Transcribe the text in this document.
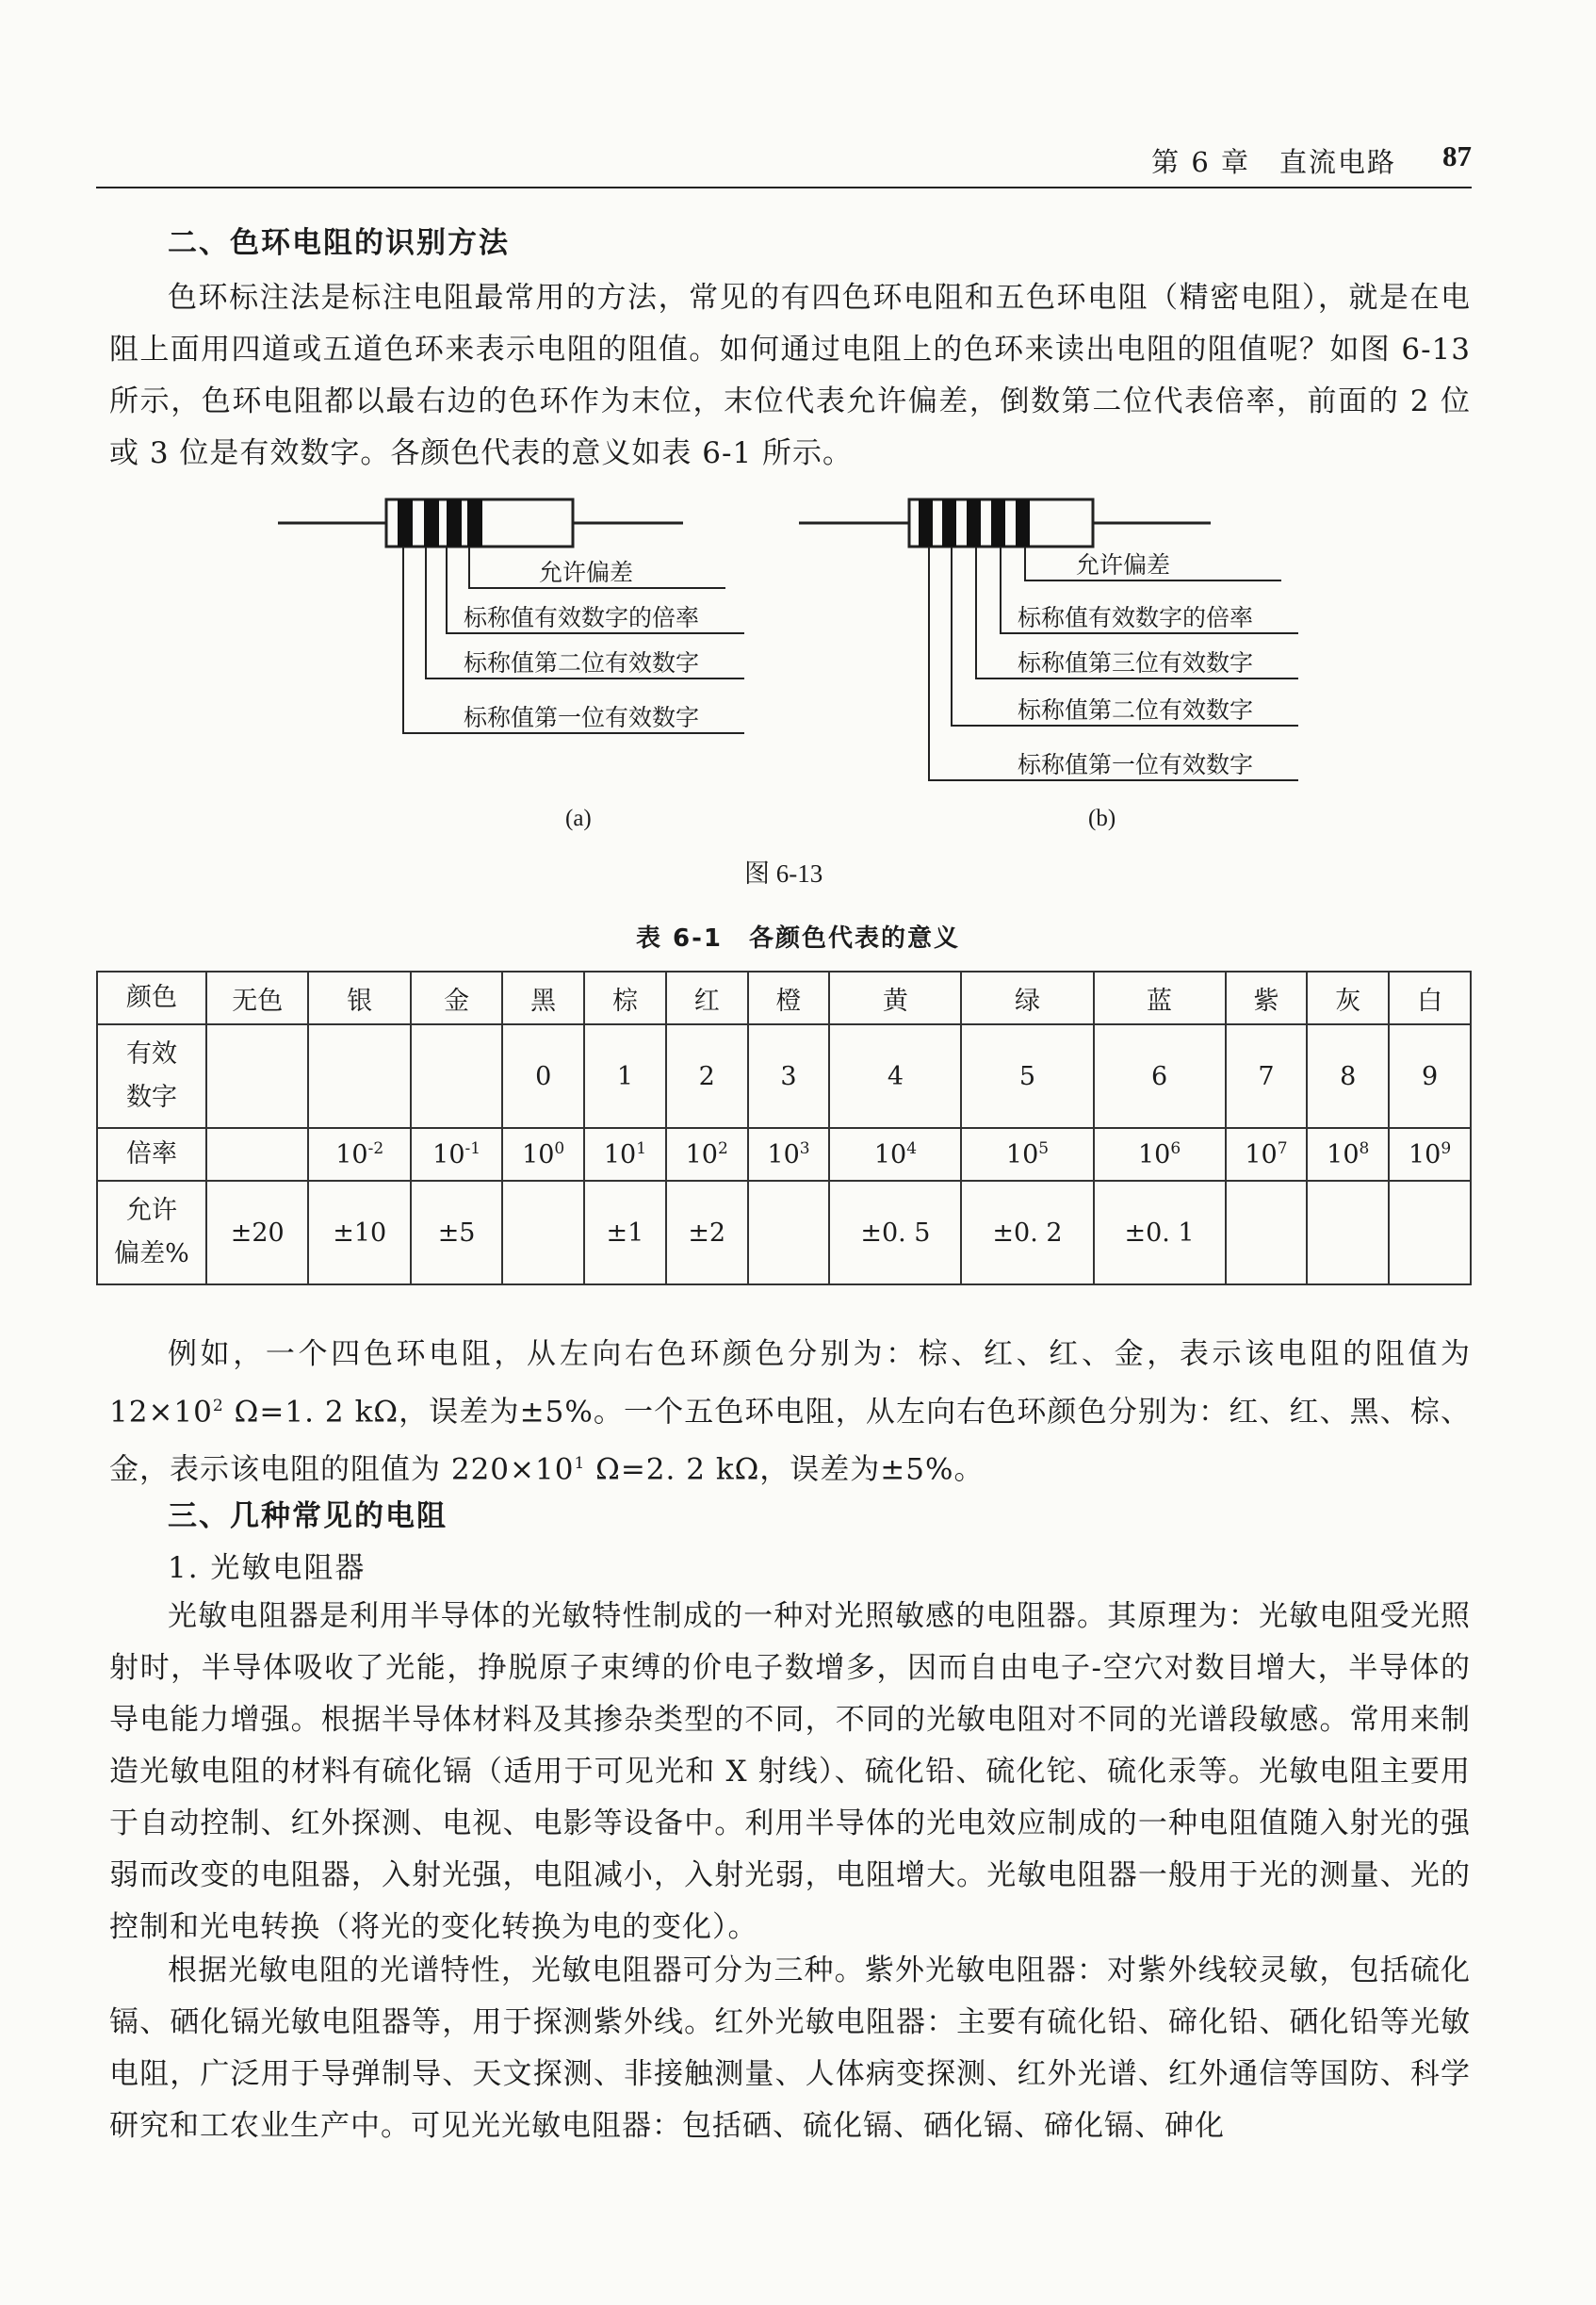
第 6 章　直流电路 87
二、色环电阻的识别方法
色环标注法是标注电阻最常用的方法，常见的有四色环电阻和五色环电阻（精密电阻），就是在电阻上面用四道或五道色环来表示电阻的阻值。如何通过电阻上的色环来读出电阻的阻值呢？如图 6-13 所示，色环电阻都以最右边的色环作为末位，末位代表允许偏差，倒数第二位代表倍率，前面的 2 位或 3 位是有效数字。各颜色代表的意义如表 6-1 所示。
允许偏差
标称值有效数字的倍率
标称值第二位有效数字
标称值第一位有效数字
允许偏差
标称值有效数字的倍率
标称值第三位有效数字
标称值第二位有效数字
标称值第一位有效数字
(a)	(b)
图 6-13
表 6-1　各颜色代表的意义
颜色	无色	银	金	黑	棕	红	橙	黄	绿	蓝	紫	灰	白

有效
数字				0	1	2	3	4	5	6	7	8	9
倍率		$10^{-2}$	$10^{-1}$	$10^0$	$10^1$	$10^2$	$10^3$	$10^4$	$10^5$	$10^6$	$10^7$	$10^8$	$10^9$

允许
偏差%	±20	±10	±5		±1	±2		±0. 5	±0. 2	±0. 1			
例如，一个四色环电阻，从左向右色环颜色分别为：棕、红、红、金，表示该电阻的阻值为 $12\times 10^2$ Ω=1. 2 kΩ，误差为±5%。一个五色环电阻，从左向右色环颜色分别为：红、红、黑、棕、金，表示该电阻的阻值为 $220\times 10^1$ Ω=2. 2 kΩ，误差为±5%。
三、几种常见的电阻
1. 光敏电阻器
光敏电阻器是利用半导体的光敏特性制成的一种对光照敏感的电阻器。其原理为：光敏电阻受光照射时，半导体吸收了光能，挣脱原子束缚的价电子数增多，因而自由电子-空穴对数目增大，半导体的导电能力增强。根据半导体材料及其掺杂类型的不同，不同的光敏电阻对不同的光谱段敏感。常用来制造光敏电阻的材料有硫化镉（适用于可见光和 X 射线）、硫化铅、硫化铊、硫化汞等。光敏电阻主要用于自动控制、红外探测、电视、电影等设备中。利用半导体的光电效应制成的一种电阻值随入射光的强弱而改变的电阻器，入射光强，电阻减小，入射光弱，电阻增大。光敏电阻器一般用于光的测量、光的控制和光电转换（将光的变化转换为电的变化）。
根据光敏电阻的光谱特性，光敏电阻器可分为三种。紫外光敏电阻器：对紫外线较灵敏，包括硫化镉、硒化镉光敏电阻器等，用于探测紫外线。红外光敏电阻器：主要有硫化铅、碲化铅、硒化铅等光敏电阻，广泛用于导弹制导、天文探测、非接触测量、人体病变探测、红外光谱、红外通信等国防、科学研究和工农业生产中。可见光光敏电阻器：包括硒、硫化镉、硒化镉、碲化镉、砷化
